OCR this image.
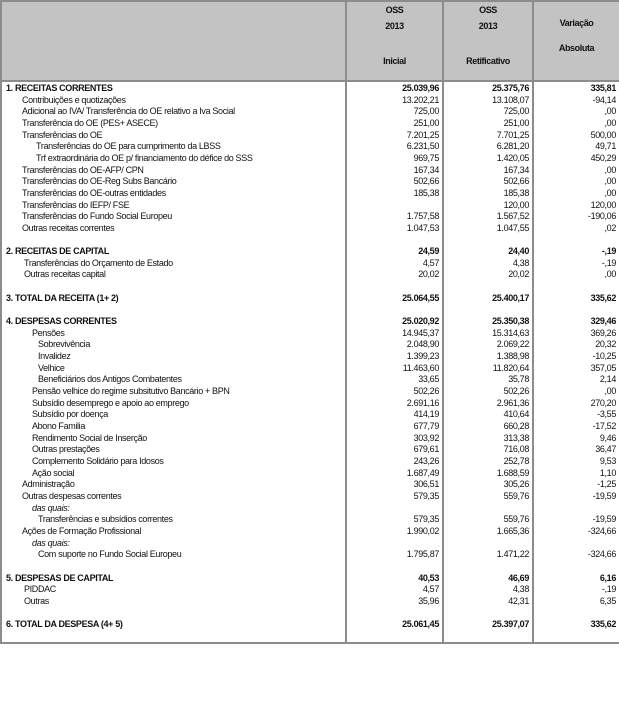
	OSS
2013
Inicial	OSS
2013
Retificativo	Variação
Absoluta

1. RECEITAS CORRENTES	25.039,96	25.375,76	335,81
Contribuições e quotizações	13.202,21	13.108,07	-94,14
Adicional ao IVA/ Transferência do OE relativo a Iva Social	725,00	725,00	,00
Transferência do OE (PES+ ASECE)	251,00	251,00	,00
Transferências do OE	7.201,25	7.701,25	500,00
Transferências do OE para cumprimento da LBSS	6.231,50	6.281,20	49,71
Trf extraordinária do OE p/ financiamento do défice do SSS	969,75	1.420,05	450,29
Transferências do OE-AFP/ CPN	167,34	167,34	,00
Transferências do OE-Reg Subs Bancário	502,66	502,66	,00
Transferências do OE-outras entidades	185,38	185,38	,00
Transferências do IEFP/ FSE		120,00	120,00
Transferências do Fundo Social Europeu	1.757,58	1.567,52	-190,06
Outras receitas correntes	1.047,53	1.047,55	,02

2. RECEITAS DE CAPITAL	24,59	24,40	-,19
Transferências do Orçamento de Estado	4,57	4,38	-,19
Outras receitas capital	20,02	20,02	,00

3. TOTAL DA RECEITA (1+ 2)	25.064,55	25.400,17	335,62

4. DESPESAS CORRENTES	25.020,92	25.350,38	329,46
Pensões	14.945,37	15.314,63	369,26
Sobrevivência	2.048,90	2.069,22	20,32
Invalidez	1.399,23	1.388,98	-10,25
Velhice	11.463,60	11.820,64	357,05
Beneficiários dos Antigos Combatentes	33,65	35,78	2,14
Pensão velhice do regime subsitutivo Bancário + BPN	502,26	502,26	,00
Subsídio desemprego e apoio ao emprego	2.691,16	2.961,36	270,20
Subsídio por doença	414,19	410,64	-3,55
Abono Familia	677,79	660,28	-17,52
Rendimento Social de Inserção	303,92	313,38	9,46
Outras prestações	679,61	716,08	36,47
Complemento Solidário para Idosos	243,26	252,78	9,53
Ação social	1.687,49	1.688,59	1,10
Administração	306,51	305,26	-1,25
Outras despesas correntes	579,35	559,76	-19,59
das quais:			
Transferências e subsídios correntes	579,35	559,76	-19,59
Ações de Formação Profissional	1.990,02	1.665,36	-324,66
das quais:			
Com suporte no Fundo Social Europeu	1.795,87	1.471,22	-324,66

5. DESPESAS DE CAPITAL	40,53	46,69	6,16
PIDDAC	4,57	4,38	-,19
Outras	35,96	42,31	6,35

6. TOTAL DA DESPESA (4+ 5)	25.061,45	25.397,07	335,62
